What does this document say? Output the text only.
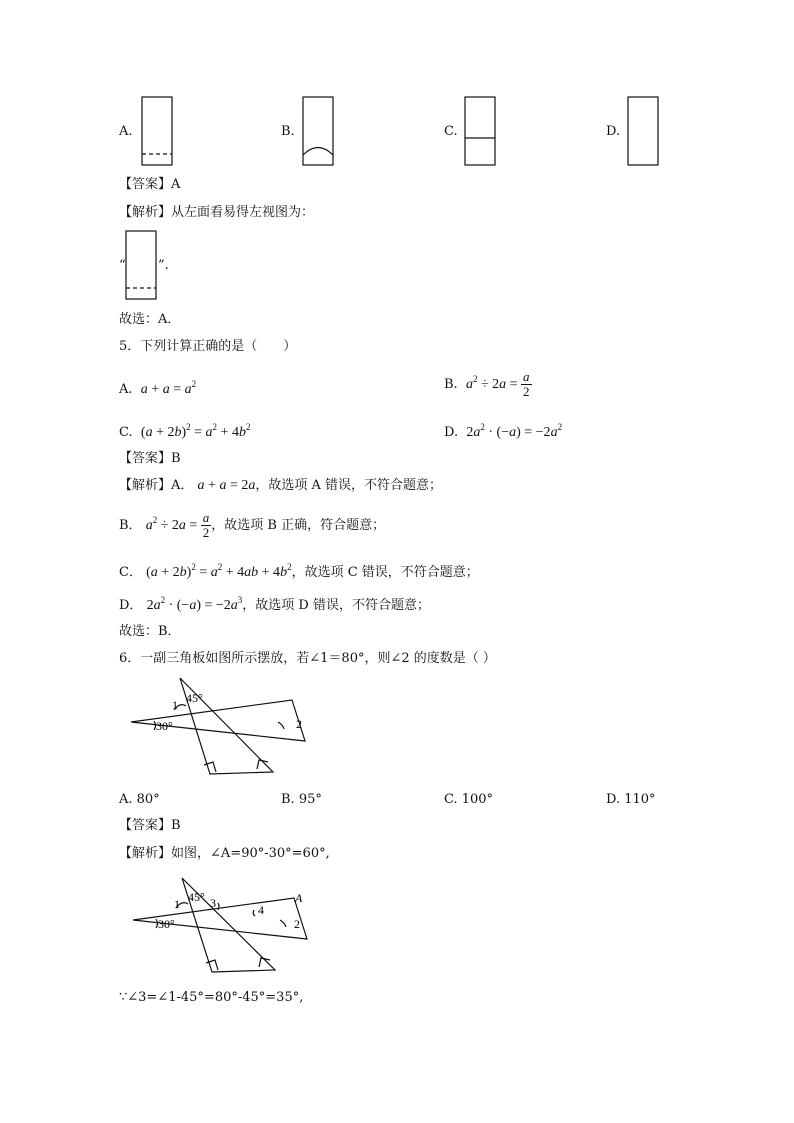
A.	B.	C.	D.
【答案】A
【解析】从左面看易得左视图为：
“ ”.
故选：A．
5．下列计算正确的是（　　）
A. $a + a = a^2$	B. $a^2 \div 2a = \frac{a}{2}$
C. $(a + 2b)^2 = a^2 + 4b^2$	D. $2a^2 \cdot (-a) = -2a^2$
【答案】B
【解析】A． a + a = 2a，故选项 A 错误，不符合题意；
B． $a^2 \div 2a = \frac{a}{2}$ ，故选项 B 正确，符合题意；
C． $(a + 2b)^2 = a^2 + 4ab + 4b^2$，故选项 C 错误，不符合题意；
D． $2a^2 \cdot (-a) = -2a^3$，故选项 D 错误，不符合题意；
故选：B．
6．一副三角板如图所示摆放，若∠1＝80°，则∠2 的度数是（ ）
45°
1
30°	2
A. 80°	B. 95°	C. 100°	D. 110°
【答案】B
【解析】如图，∠A=90°-30°=60°,
45° 3
1	4
A
2
30°
∵∠3=∠1-45°=80°-45°=35°,
